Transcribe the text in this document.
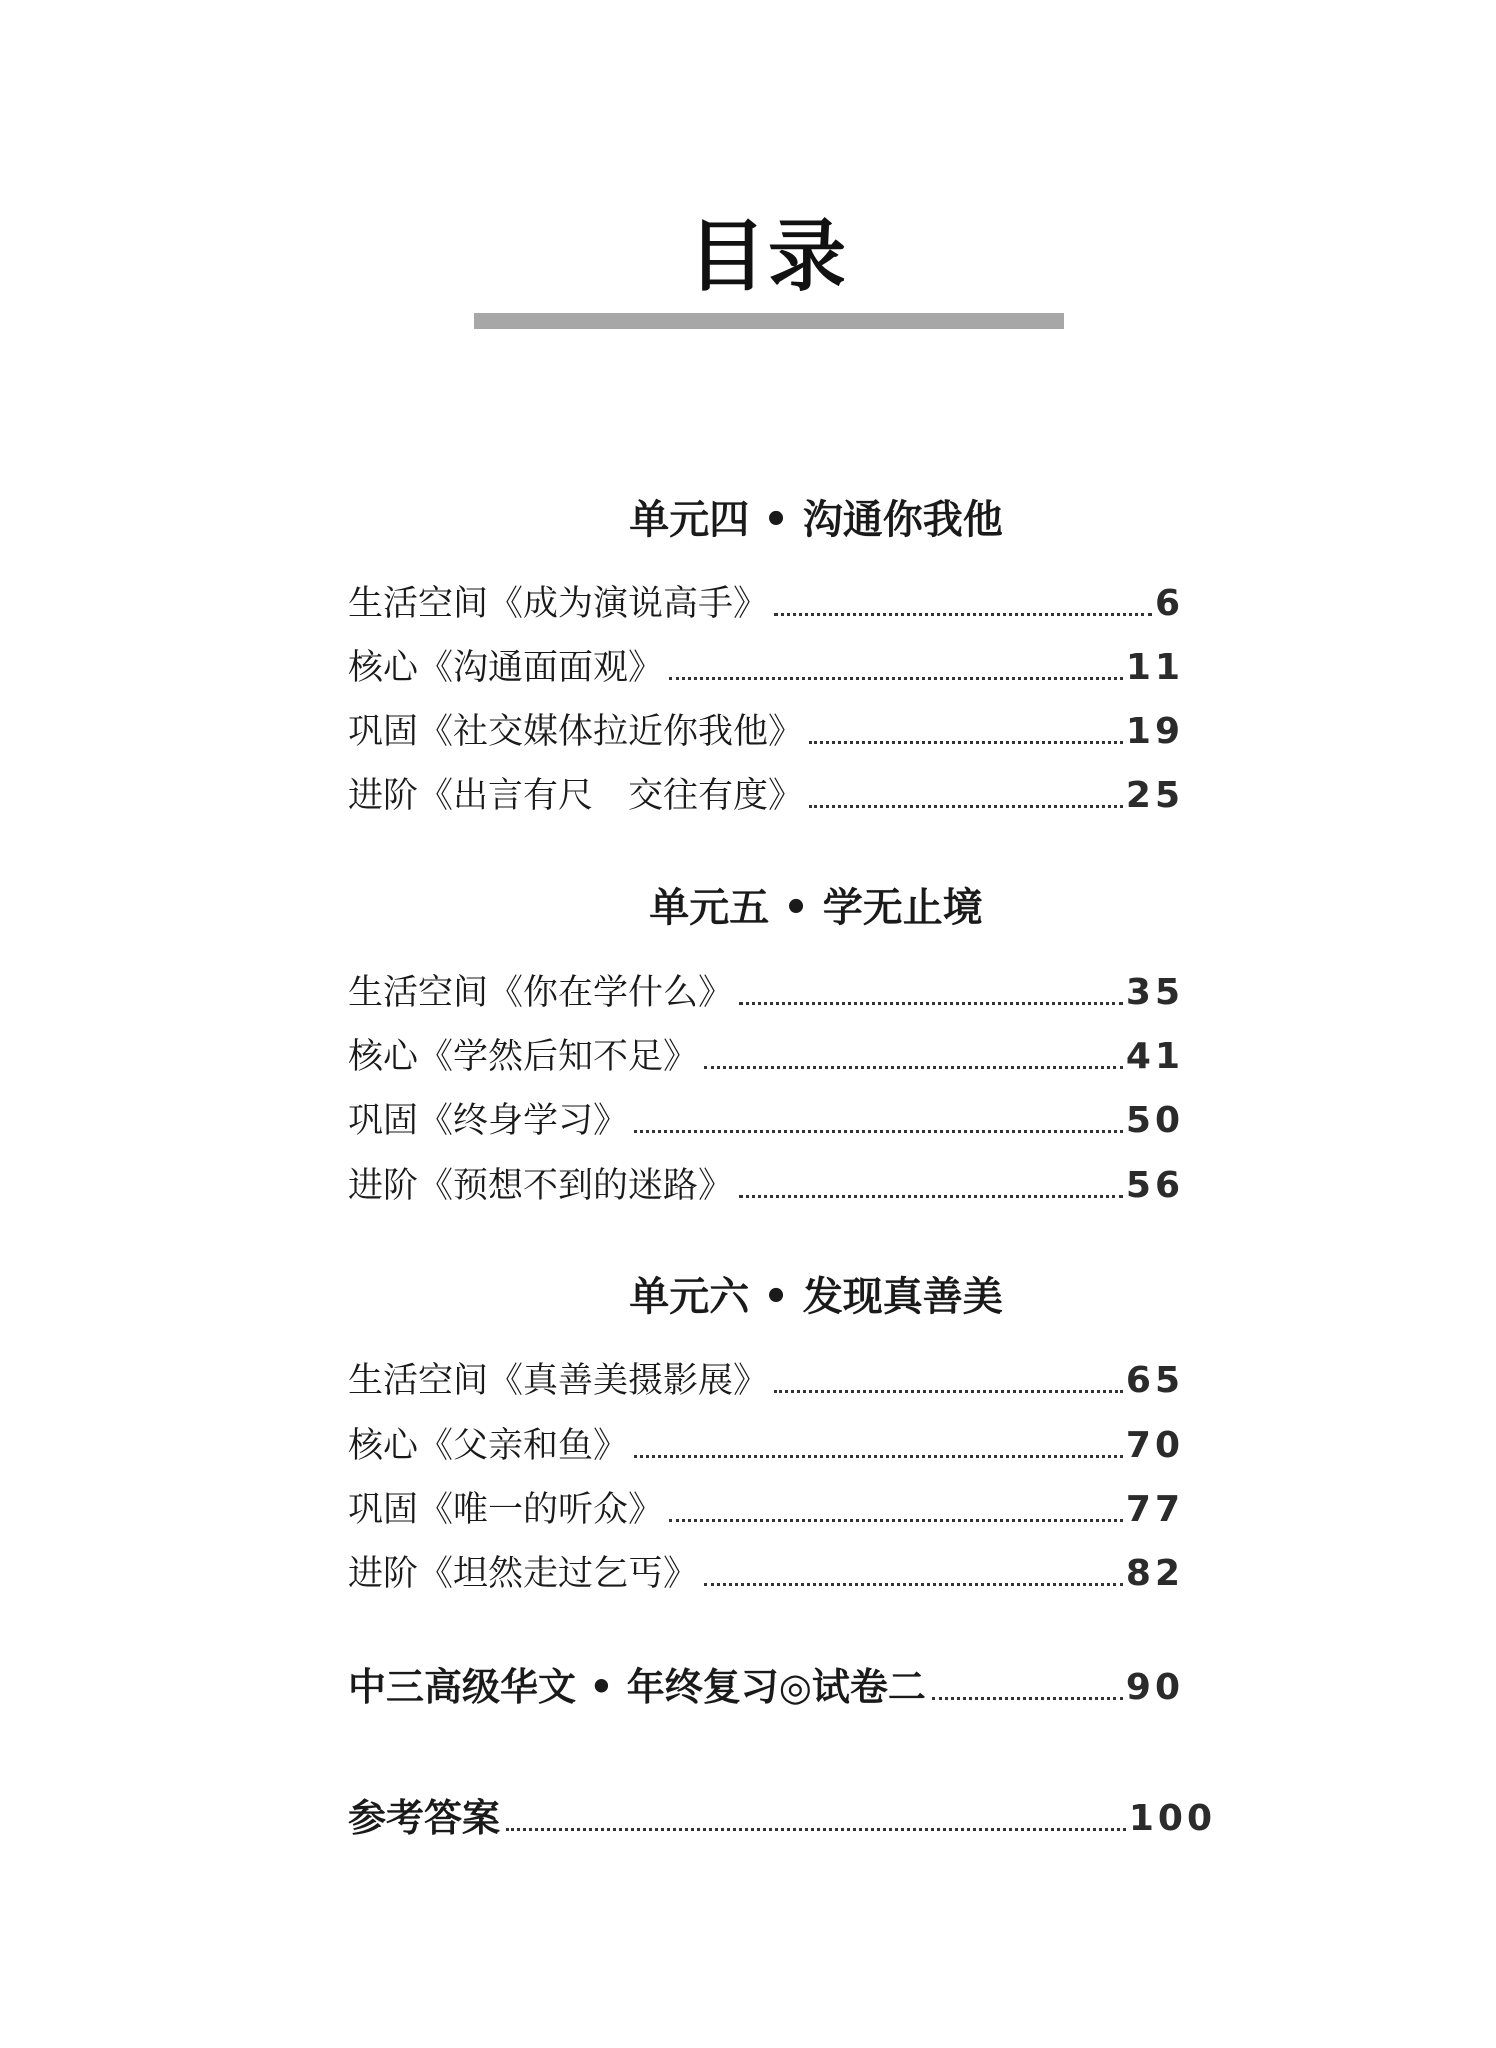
目录
单元四 • 沟通你我他
生活空间《成为演说高手》	6
核心《沟通面面观》	11
巩固《社交媒体拉近你我他》	19
进阶《出言有尺　交往有度》	25
单元五 • 学无止境
生活空间《你在学什么》	35
核心《学然后知不足》	41
巩固《终身学习》	50
进阶《预想不到的迷路》	56
单元六 • 发现真善美
生活空间《真善美摄影展》	65
核心《父亲和鱼》	70
巩固《唯一的听众》	77
进阶《坦然走过乞丐》	82
中三高级华文 • 年终复习◎试卷二	90
参考答案	100
